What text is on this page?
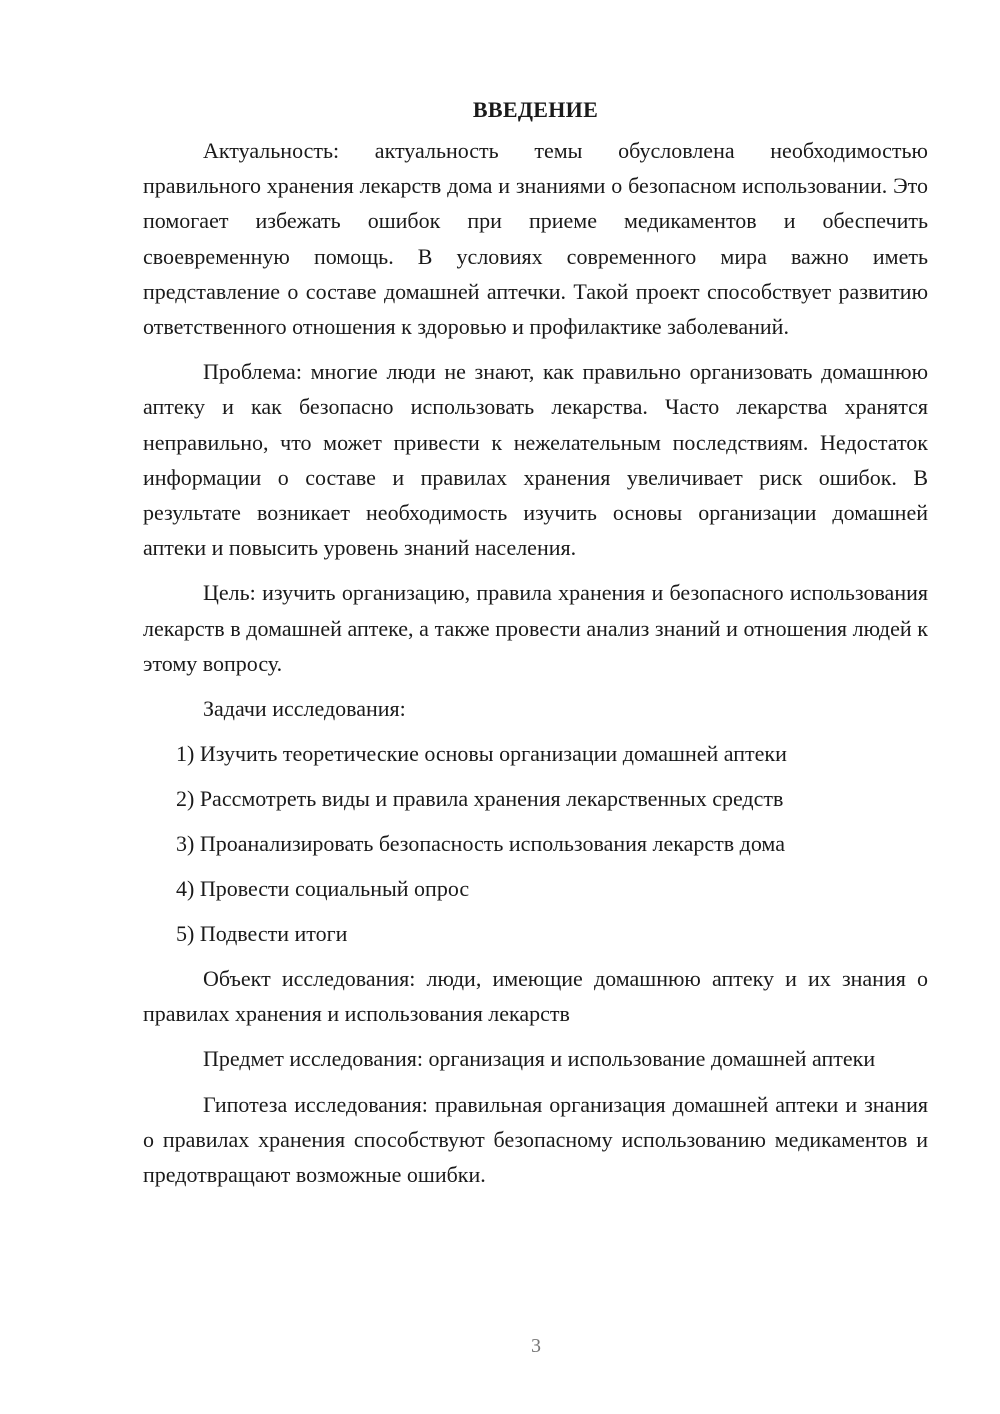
ВВЕДЕНИЕ

Актуальность: актуальность темы обусловлена необходимостью правильного хранения лекарств дома и знаниями о безопасном использовании. Это помогает избежать ошибок при приеме медикаментов и обеспечить своевременную помощь. В условиях современного мира важно иметь представление о составе домашней аптечки. Такой проект способствует развитию ответственного отношения к здоровью и профилактике заболеваний.

Проблема: многие люди не знают, как правильно организовать домашнюю аптеку и как безопасно использовать лекарства. Часто лекарства хранятся неправильно, что может привести к нежелательным последствиям. Недостаток информации о составе и правилах хранения увеличивает риск ошибок. В результате возникает необходимость изучить основы организации домашней аптеки и повысить уровень знаний населения.

Цель: изучить организацию, правила хранения и безопасного использования лекарств в домашней аптеке, а также провести анализ знаний и отношения людей к этому вопросу.

Задачи исследования:
1) Изучить теоретические основы организации домашней аптеки
2) Рассмотреть виды и правила хранения лекарственных средств
3) Проанализировать безопасность использования лекарств дома
4) Провести социальный опрос
5) Подвести итоги

Объект исследования: люди, имеющие домашнюю аптеку и их знания о правилах хранения и использования лекарств

Предмет исследования: организация и использование домашней аптеки

Гипотеза исследования: правильная организация домашней аптеки и знания о правилах хранения способствуют безопасному использованию медикаментов и предотвращают возможные ошибки.

3
